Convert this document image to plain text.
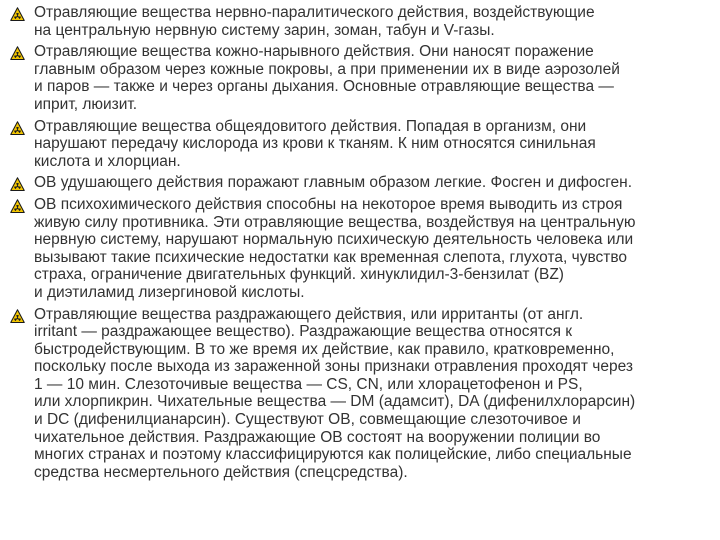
Отравляющие вещества нервно-паралитического действия, воздействующие
на центральную нервную систему зарин, зоман, табун и V-газы.

Отравляющие вещества кожно-нарывного действия. Они наносят поражение
главным образом через кожные покровы, а при применении их в виде аэрозолей
и паров — также и через органы дыхания. Основные отравляющие вещества —
иприт, люизит.

Отравляющие вещества общеядовитого действия. Попадая в организм, они
нарушают передачу кислорода из крови к тканям. К ним относятся синильная
кислота и хлорциан.

ОВ удушающего действия поражают главным образом легкие. Фосген и дифосген.

ОВ психохимического действия способны на некоторое время выводить из строя
живую силу противника. Эти отравляющие вещества, воздействуя на центральную
нервную систему, нарушают нормальную психическую деятельность человека или
вызывают такие психические недостатки как временная слепота, глухота, чувство
страха, ограничение двигательных функций. хинуклидил-3-бензилат (BZ)
и диэтиламид лизергиновой кислоты.

Отравляющие вещества раздражающего действия, или ирританты (от англ.
irritant — раздражающее вещество). Раздражающие вещества относятся к
быстродействующим. В то же время их действие, как правило, кратковременно,
поскольку после выхода из зараженной зоны признаки отравления проходят через
1 — 10 мин. Слезоточивые вещества — CS, CN, или хлорацетофенон и PS,
или хлорпикрин. Чихательные вещества — DM (адамсит), DA (дифенилхлорарсин)
и DC (дифенилцианарсин). Существуют ОВ, совмещающие слезоточивое и
чихательное действия. Раздражающие ОВ состоят на вооружении полиции во
многих странах и поэтому классифицируются как полицейские, либо специальные
средства несмертельного действия (спецсредства).
